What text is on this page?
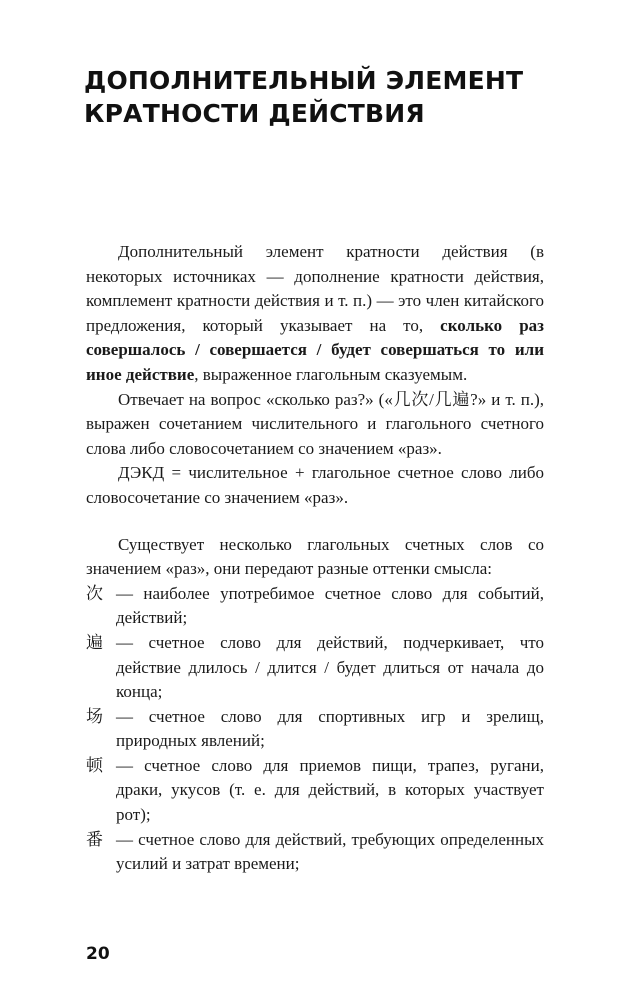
ДОПОЛНИТЕЛЬНЫЙ ЭЛЕМЕНТ
КРАТНОСТИ ДЕЙСТВИЯ

Дополнительный элемент кратности действия (в некоторых источниках — дополнение кратности действия, комплемент кратности действия и т. п.) — это член китайского предложения, который указывает на то, сколько раз совершалось / совершается / будет совершаться то или иное действие, выраженное глагольным сказуемым.

Отвечает на вопрос «сколько раз?» («几次/几遍?» и т. п.), выражен сочетанием числительного и глагольного счетного слова либо словосочетанием со значением «раз».

ДЭКД = числительное + глагольное счетное слово либо словосочетание со значением «раз».

Существует несколько глагольных счетных слов со значением «раз», они передают разные оттенки смысла:

次 — наиболее употребимое счетное слово для событий, действий;
遍 — счетное слово для действий, подчеркивает, что действие длилось / длится / будет длиться от начала до конца;
场 — счетное слово для спортивных игр и зрелищ, природных явлений;
顿 — счетное слово для приемов пищи, трапез, ругани, драки, укусов (т. е. для действий, в которых участвует рот);
番 — счетное слово для действий, требующих определенных усилий и затрат времени;
20
